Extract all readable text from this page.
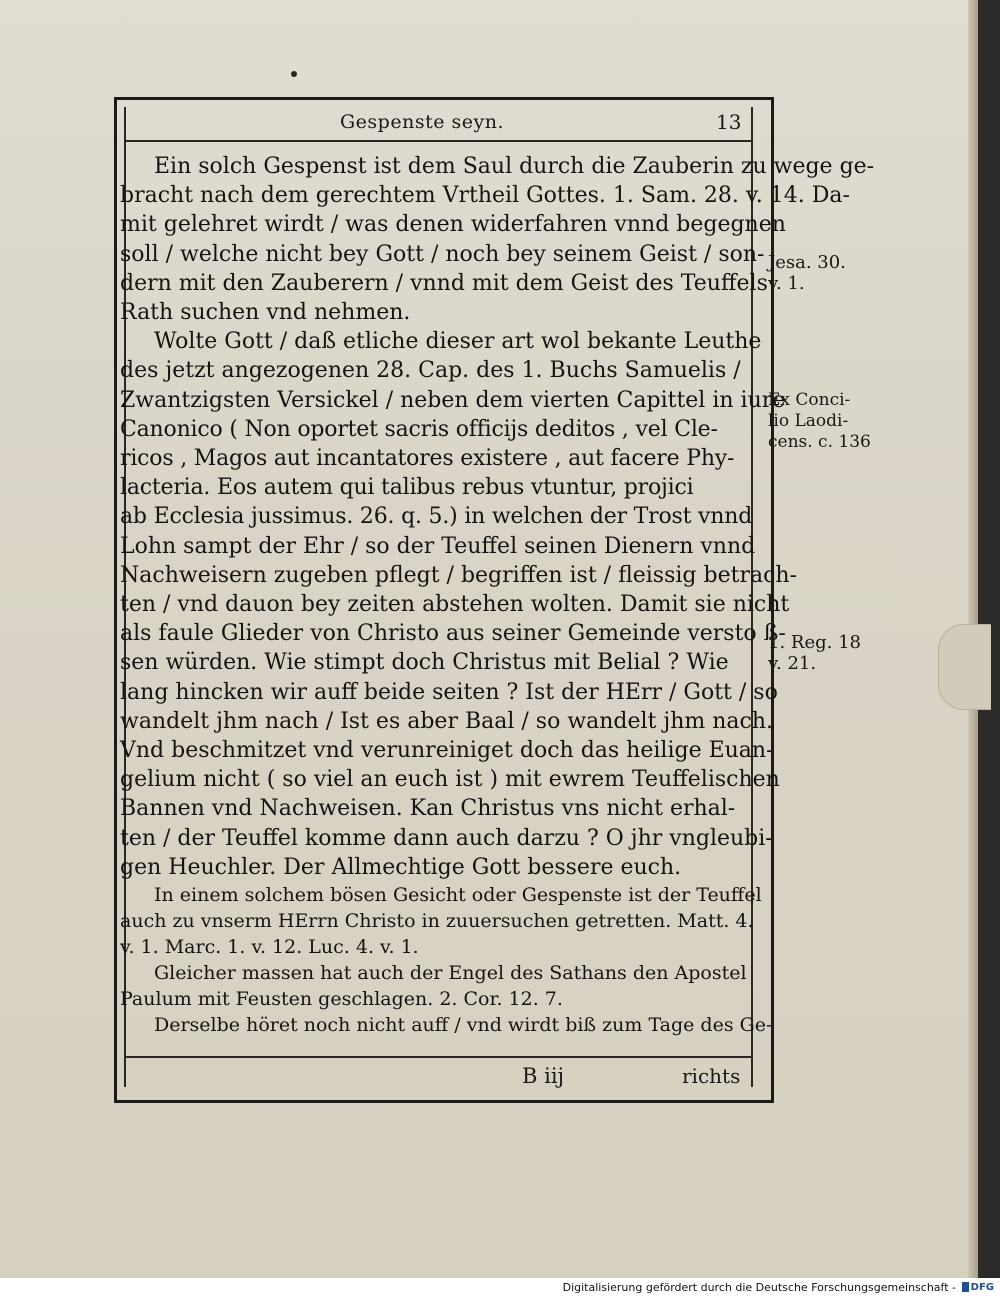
Gespenste seyn.	13
Ein solch Gespenst ist dem Saul durch die Zauberin zu wege ge-
bracht nach dem gerechtem Vrtheil Gottes. 1. Sam. 28. v. 14. Da-
mit gelehret wirdt / was denen widerfahren vnnd begegnen
soll / welche nicht bey Gott / noch bey seinem Geist / son-
dern mit den Zauberern / vnnd mit dem Geist des Teuffels
Rath suchen vnd nehmen.
Wolte Gott / daß etliche dieser art wol bekante Leuthe
des jetzt angezogenen 28. Cap. des 1. Buchs Samuelis /
Zwantzigsten Versickel / neben dem vierten Capittel in iure
Canonico ( Non oportet sacris officijs deditos , vel Cle-
ricos , Magos aut incantatores existere , aut facere Phy-
lacteria. Eos autem qui talibus rebus vtuntur, projici
ab Ecclesia jussimus. 26. q. 5.) in welchen der Trost vnnd
Lohn sampt der Ehr / so der Teuffel seinen Dienern vnnd
Nachweisern zugeben pflegt / begriffen ist / fleissig betrach-
ten / vnd dauon bey zeiten abstehen wolten. Damit sie nicht
als faule Glieder von Christo aus seiner Gemeinde versto ß-
sen würden. Wie stimpt doch Christus mit Belial ? Wie
lang hincken wir auff beide seiten ? Ist der HErr / Gott / so
wandelt jhm nach / Ist es aber Baal / so wandelt jhm nach.
Vnd beschmitzet vnd verunreiniget doch das heilige Euan-
gelium nicht ( so viel an euch ist ) mit ewrem Teuffelischen
Bannen vnd Nachweisen. Kan Christus vns nicht erhal-
ten / der Teuffel komme dann auch darzu ? O jhr vngleubi-
gen Heuchler. Der Allmechtige Gott bessere euch.
In einem solchem bösen Gesicht oder Gespenste ist der Teuffel
auch zu vnserm HErrn Christo in zuuersuchen getretten. Matt. 4.
v. 1. Marc. 1. v. 12. Luc. 4. v. 1.
Gleicher massen hat auch der Engel des Sathans den Apostel
Paulum mit Feusten geschlagen. 2. Cor. 12. 7.
Derselbe höret noch nicht auff / vnd wirdt biß zum Tage des Ge-
Jesa. 30.
v. 1.
Ex Conci-
lio Laodi-
cens. c. 136
1. Reg. 18
v. 21.
B iij	richts
Digitalisierung gefördert durch die Deutsche Forschungsgemeinschaft - DFG
